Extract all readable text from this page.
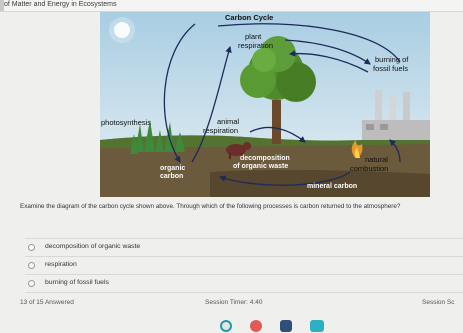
of Matter and Energy in Ecosystems
Carbon Cycle
plant
respiration
burning of
fossil fuels
photosynthesis	animal
respiration
decomposition
of organic waste
organic
carbon
natural
combustion
mineral carbon
Examine the diagram of the carbon cycle shown above. Through which of the following processes is carbon returned to the atmosphere?
decomposition of organic waste
respiration
burning of fossil fuels
13 of 15 Answered	Session Timer: 4:40	Session Sc
